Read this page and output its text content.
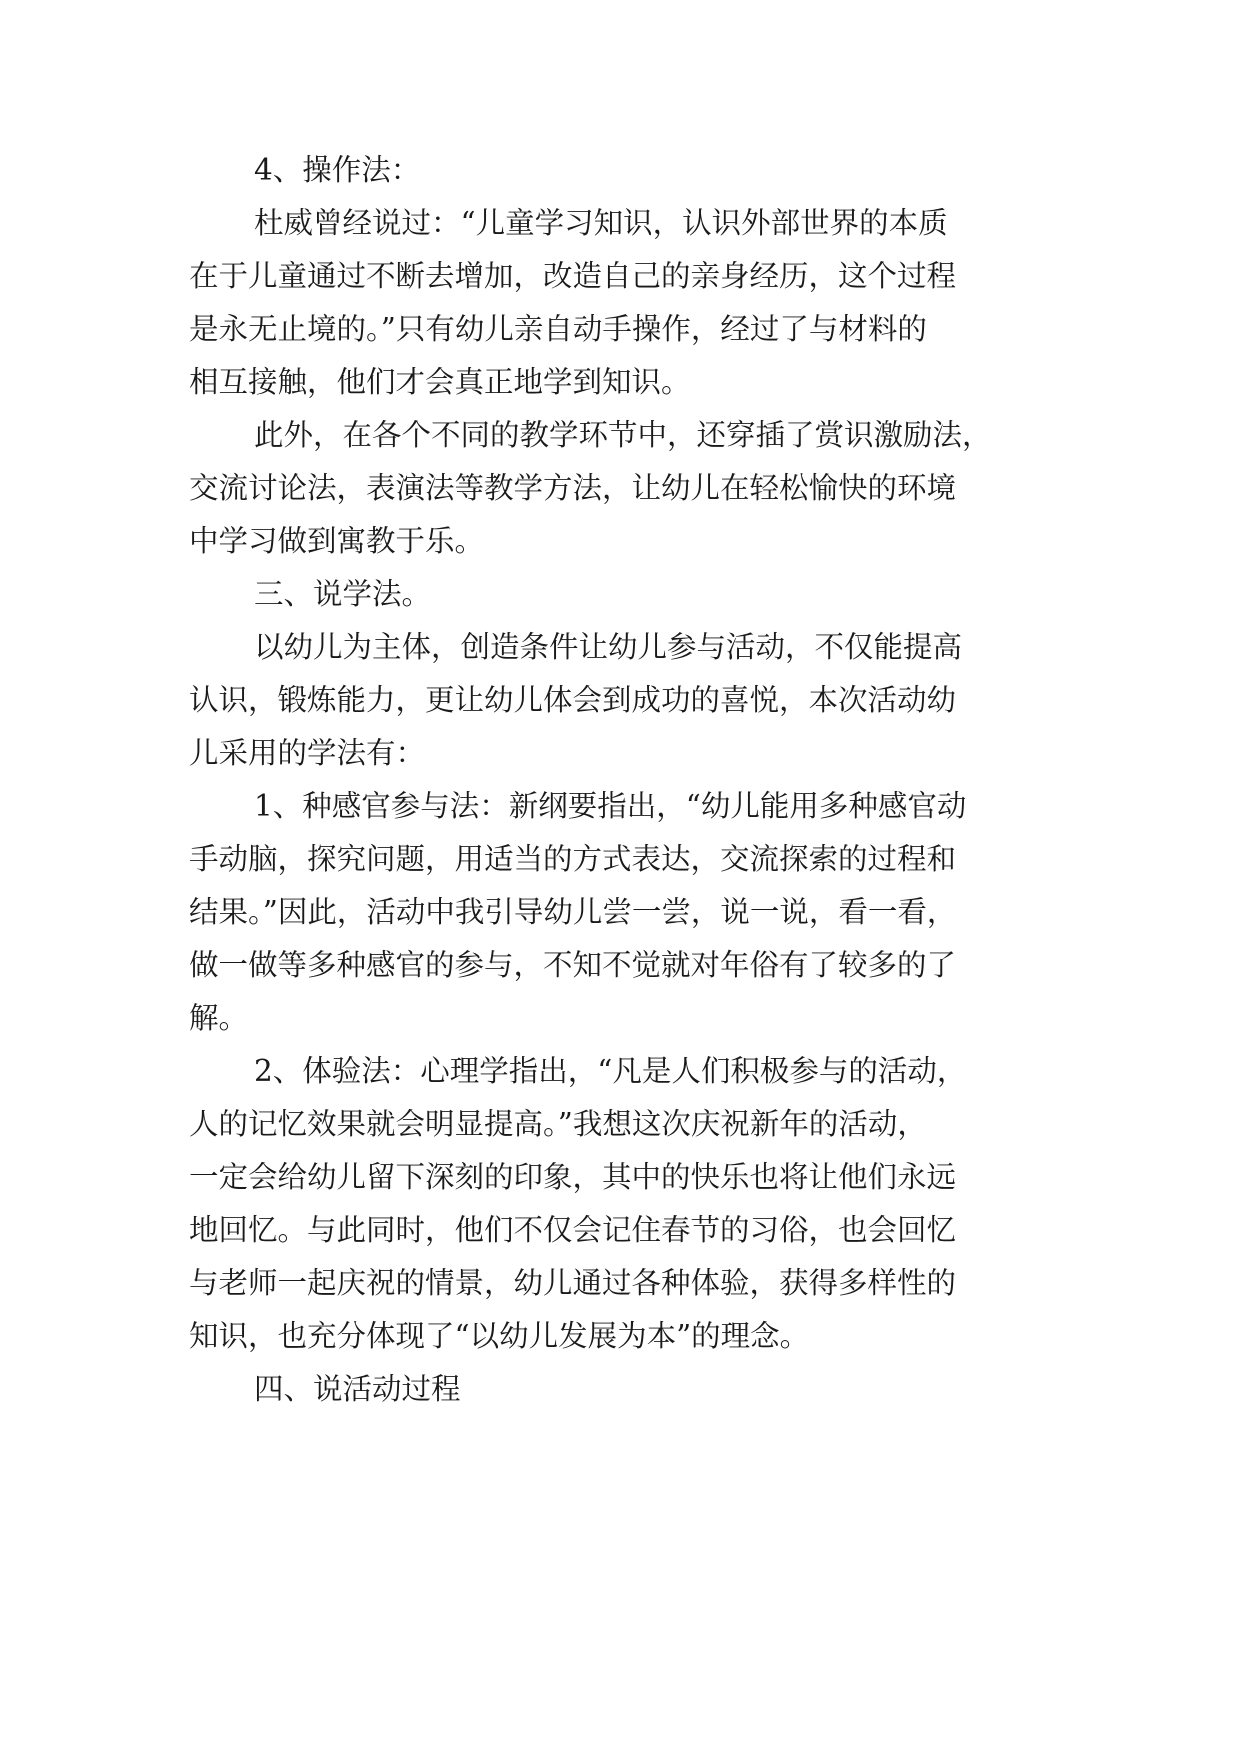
4、操作法：

杜威曾经说过：“儿童学习知识，认识外部世界的本质

在于儿童通过不断去增加，改造自己的亲身经历，这个过程

是永无止境的。”只有幼儿亲自动手操作，经过了与材料的

相互接触，他们才会真正地学到知识。

此外，在各个不同的教学环节中，还穿插了赏识激励法，

交流讨论法，表演法等教学方法，让幼儿在轻松愉快的环境

中学习做到寓教于乐。

三、说学法。

以幼儿为主体，创造条件让幼儿参与活动，不仅能提高

认识，锻炼能力，更让幼儿体会到成功的喜悦，本次活动幼

儿采用的学法有：

1、种感官参与法：新纲要指出，“幼儿能用多种感官动

手动脑，探究问题，用适当的方式表达，交流探索的过程和

结果。”因此，活动中我引导幼儿尝一尝，说一说，看一看，

做一做等多种感官的参与，不知不觉就对年俗有了较多的了

解。

2、体验法：心理学指出，“凡是人们积极参与的活动，

人的记忆效果就会明显提高。”我想这次庆祝新年的活动，

一定会给幼儿留下深刻的印象，其中的快乐也将让他们永远

地回忆。与此同时，他们不仅会记住春节的习俗，也会回忆

与老师一起庆祝的情景，幼儿通过各种体验，获得多样性的

知识，也充分体现了“以幼儿发展为本”的理念。

四、说活动过程
